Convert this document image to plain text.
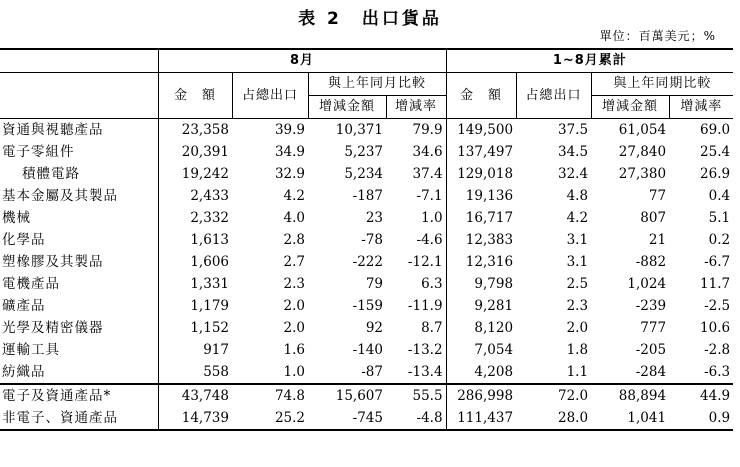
表 2　出口貨品
單位：百萬美元；%
	8月				1~8月累計			
	金　額	占總出口	與上年同月比較		金　額	占總出口	與上年同期比較	
			增減金額	增減率			增減金額	增減率
資通與視聽產品	23,358	39.9	10,371	79.9	149,500	37.5	61,054	69.0
電子零組件	20,391	34.9	5,237	34.6	137,497	34.5	27,840	25.4
積體電路	19,242	32.9	5,234	37.4	129,018	32.4	27,380	26.9
基本金屬及其製品	2,433	4.2	-187	-7.1	19,136	4.8	77	0.4
機械	2,332	4.0	23	1.0	16,717	4.2	807	5.1
化學品	1,613	2.8	-78	-4.6	12,383	3.1	21	0.2
塑橡膠及其製品	1,606	2.7	-222	-12.1	12,316	3.1	-882	-6.7
電機產品	1,331	2.3	79	6.3	9,798	2.5	1,024	11.7
礦產品	1,179	2.0	-159	-11.9	9,281	2.3	-239	-2.5
光學及精密儀器	1,152	2.0	92	8.7	8,120	2.0	777	10.6
運輸工具	917	1.6	-140	-13.2	7,054	1.8	-205	-2.8
紡織品	558	1.0	-87	-13.4	4,208	1.1	-284	-6.3
電子及資通產品*	43,748	74.8	15,607	55.5	286,998	72.0	88,894	44.9
非電子、資通產品	14,739	25.2	-745	-4.8	111,437	28.0	1,041	0.9
